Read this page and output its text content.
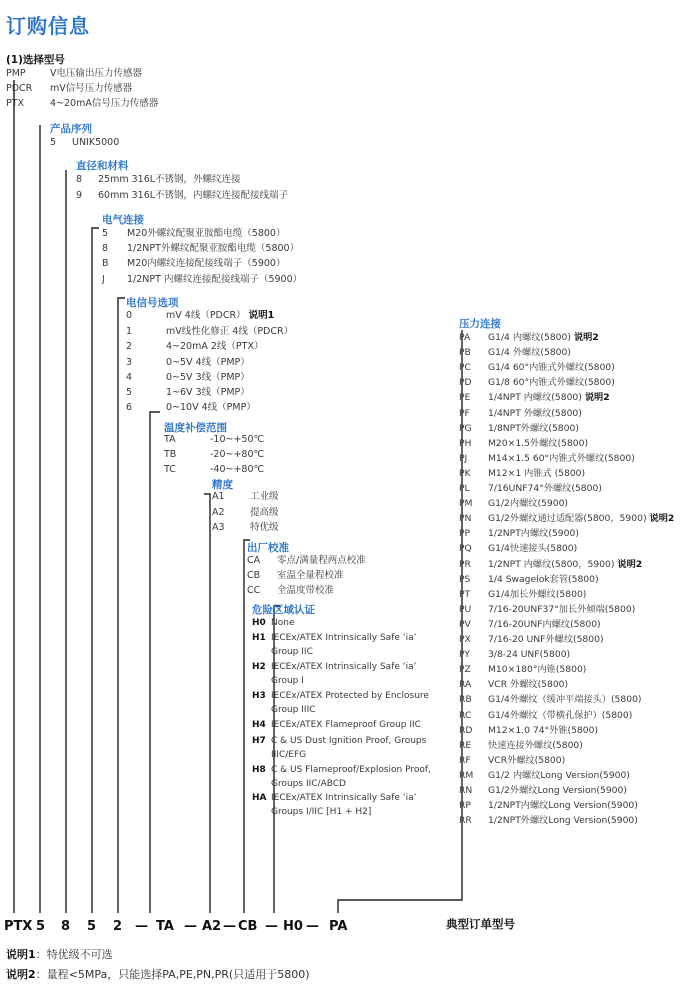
订购信息
(1)选择型号
PMP	V电压输出压力传感器
PDCR mV信号压力传感器
PTX	4~20mA信号压力传感器
产品序列
5 UNIK5000
直径和材料
8 25mm 316L不锈钢，外螺纹连接
9 60mm 316L不锈钢，内螺纹连接配接线端子
电气连接
5 M20外螺纹配聚亚胺酯电缆（5800）
8 1/2NPT外螺纹配聚亚胺酯电缆（5800）
B M20内螺纹连接配接线端子（5900）
J 1/2NPT 内螺纹连接配接线端子（5900）
电信号选项
0	mV 4线（PDCR） 说明1
1	mV线性化修正 4线（PDCR）
2	4~20mA 2线（PTX）
3	0~5V 4线（PMP）
4	0~5V 3线（PMP）
5	1~6V 3线（PMP）
6	0~10V 4线（PMP）
温度补偿范围
TA	-10~+50℃
TB	-20~+80℃
TC	-40~+80℃
精度
A1	工业级
A2	提高级
A3	特优级
出厂校准
CA 零点/满量程两点校准
CB 室温全量程校准
CC 全温度带校准
危险区域认证
H0 None
H1 IECEx/ATEX Intrinsically Safe ‘ia’ Group IIC
H2 IECEx/ATEX Intrinsically Safe ‘ia’ Group I
H3 IECEx/ATEX Protected by Enclosure Group IIIC
H4 IECEx/ATEX Flameproof Group IIC
H7 C & US Dust Ignition Proof, Groups IIIC/EFG
H8 C & US Flameproof/Explosion Proof, Groups IIC/ABCD
HA IECEx/ATEX Intrinsically Safe ‘ia’ Groups I/IIC [H1 + H2]
压力连接
PA G1/4 内螺纹(5800) 说明2
PB G1/4 外螺纹(5800)
PC G1/4 60°内锥式外螺纹(5800)
PD G1/8 60°内锥式外螺纹(5800)
PE 1/4NPT 内螺纹(5800) 说明2
PF 1/4NPT 外螺纹(5800)
PG 1/8NPT外螺纹(5800)
PH M20×1.5外螺纹(5800)
PJ M14×1.5 60°内锥式外螺纹(5800)
PK M12×1 内锥式 (5800)
PL 7/16UNF74°外螺纹(5800)
PM G1/2内螺纹(5900)
PN G1/2外螺纹通过适配器(5800，5900) 说明2
PP 1/2NPT内螺纹(5900)
PQ G1/4快速接头(5800)
PR 1/2NPT 内螺纹(5800，5900) 说明2
PS 1/4 Swagelok套管(5800)
PT G1/4加长外螺纹(5800)
PU 7/16-20UNF37°加长外倾端(5800)
PV 7/16-20UNF内螺纹(5800)
PX 7/16-20 UNF外螺纹(5800)
PY 3/8-24 UNF(5800)
PZ M10×180°内锥(5800)
RA VCR 外螺纹(5800)
RB G1/4外螺纹（缓冲平端接头）(5800)
RC G1/4外螺纹（带横孔保护）(5800)
RD M12×1.0 74°外锥(5800)
RE 快速连接外螺纹(5800)
RF VCR外螺纹(5800)
RM G1/2 内螺纹Long Version(5900)
RN G1/2外螺纹Long Version(5900)
RP 1/2NPT内螺纹Long Version(5900)
RR 1/2NPT外螺纹Long Version(5900)
PTX 5 8 5 2 — TA — A2 — CB — H0 — PA	典型订单型号
说明1：特优级不可选
说明2：量程<5MPa，只能选择PA,PE,PN,PR(只适用于5800)
